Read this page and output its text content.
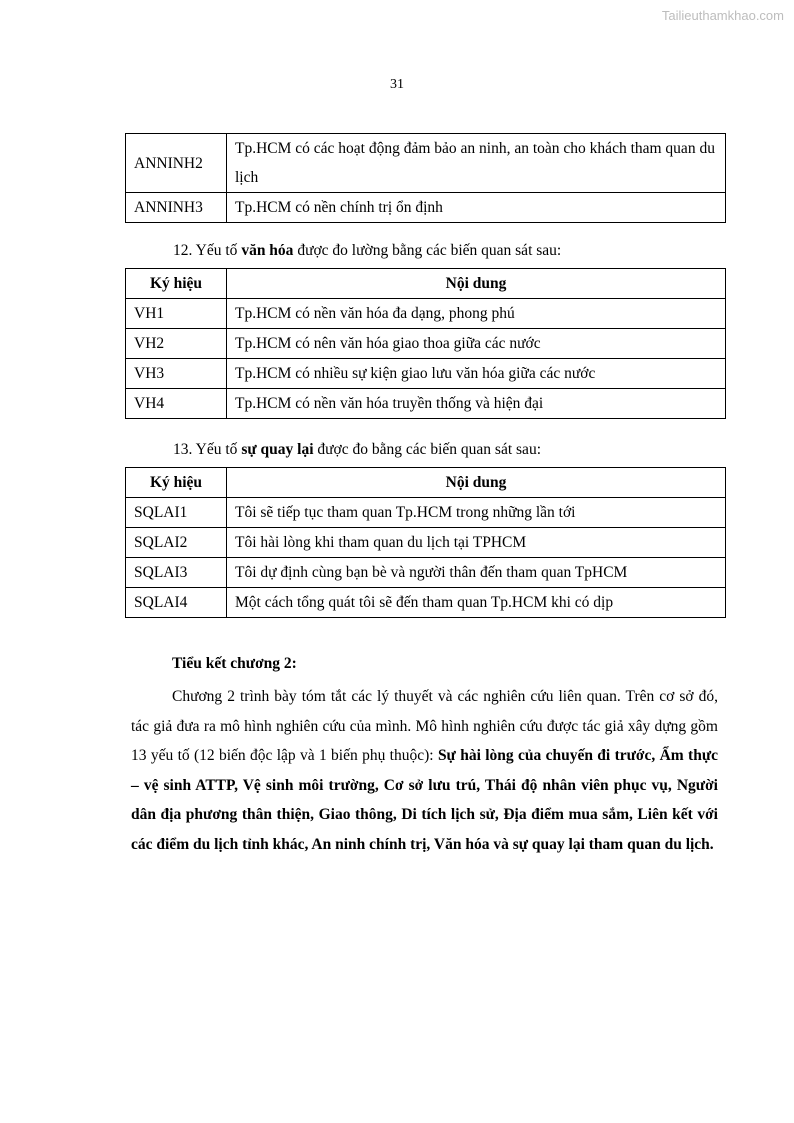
Tailieuthamkhao.com
31
ANNINH2	Tp.HCM có các hoạt động đảm bảo an ninh, an toàn cho khách tham quan du lịch
ANNINH3	Tp.HCM có nền chính trị ổn định
12. Yếu tố văn hóa được đo lường bằng các biến quan sát sau:
Ký hiệu	Nội dung
VH1	Tp.HCM có nền văn hóa đa dạng, phong phú
VH2	Tp.HCM có nên văn hóa giao thoa giữa các nước
VH3	Tp.HCM có nhiều sự kiện giao lưu văn hóa giữa các nước
VH4	Tp.HCM có nền văn hóa truyền thống và hiện đại
13. Yếu tố sự quay lại được đo bằng các biến quan sát sau:
Ký hiệu	Nội dung
SQLAI1	Tôi sẽ tiếp tục tham quan Tp.HCM trong những lần tới
SQLAI2	Tôi hài lòng khi tham quan du lịch tại TPHCM
SQLAI3	Tôi dự định cùng bạn bè và người thân đến tham quan TpHCM
SQLAI4	Một cách tổng quát tôi sẽ đến tham quan Tp.HCM khi có dịp
Tiểu kết chương 2:

Chương 2 trình bày tóm tắt các lý thuyết và các nghiên cứu liên quan. Trên cơ sở đó, tác giả đưa ra mô hình nghiên cứu của mình. Mô hình nghiên cứu được tác giả xây dựng gồm 13 yếu tố (12 biến độc lập và 1 biến phụ thuộc): Sự hài lòng của chuyến đi trước, Ẩm thực – vệ sinh ATTP, Vệ sinh môi trường, Cơ sở lưu trú, Thái độ nhân viên phục vụ, Người dân địa phương thân thiện, Giao thông, Di tích lịch sử, Địa điểm mua sắm, Liên kết với các điểm du lịch tỉnh khác, An ninh chính trị, Văn hóa và sự quay lại tham quan du lịch.
